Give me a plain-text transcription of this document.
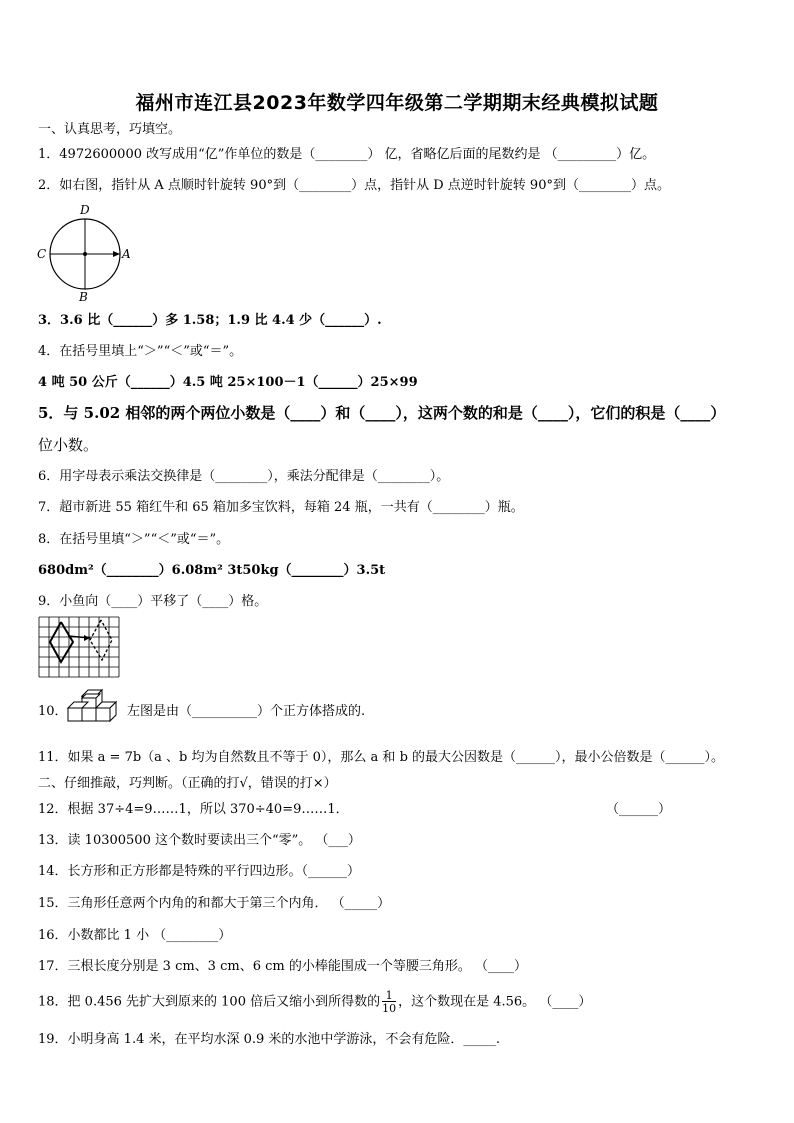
福州市连江县2023年数学四年级第二学期期末经典模拟试题
一、认真思考，巧填空。
1．4972600000 改写成用“亿”作单位的数是（________） 亿，省略亿后面的尾数约是 （_________）亿。
2．如右图，指针从 A 点顺时针旋转 90°到（________）点，指针从 D 点逆时针旋转 90°到（________）点。
D
C	A
B
3．3.6 比（______）多 1.58；1.9 比 4.4 少（______）.
4．在括号里填上“＞”“＜”或“＝”。
4 吨 50 公斤（______）4.5 吨 25×100－1（______）25×99
5．与 5.02 相邻的两个两位小数是（____）和（____），这两个数的和是（____），它们的积是（____）
位小数。
6．用字母表示乘法交换律是（________），乘法分配律是（________）。
7．超市新进 55 箱红牛和 65 箱加多宝饮料，每箱 24 瓶，一共有（________）瓶。
8．在括号里填“＞”“＜”或“＝”。
680dm²（________）6.08m² 3t50kg（________）3.5t
9．小鱼向（____）平移了（____）格。
10．	左图是由（__________）个正方体搭成的.
11．如果 a = 7b（a 、b 均为自然数且不等于 0），那么 a 和 b 的最大公因数是（______），最小公倍数是（______）。
二、仔细推敲，巧判断。（正确的打√，错误的打×）
12．根据 37÷4=9……1，所以 370÷40=9……1．	（______）
13．读 10300500 这个数时要读出三个“零”。 （___）
14．长方形和正方形都是特殊的平行四边形。（______）
15．三角形任意两个内角的和都大于第三个内角． （_____）
16．小数都比 1 小 （________）
17．三根长度分别是 3 cm、3 cm、6 cm 的小棒能围成一个等腰三角形。 （____）
18．把 0.456 先扩大到原来的 100 倍后又缩小到所得数的 $\frac{1}{10}$ ，这个数现在是 4.56。 （____）
19．小明身高 1.4 米，在平均水深 0.9 米的水池中学游泳，不会有危险．_____.
